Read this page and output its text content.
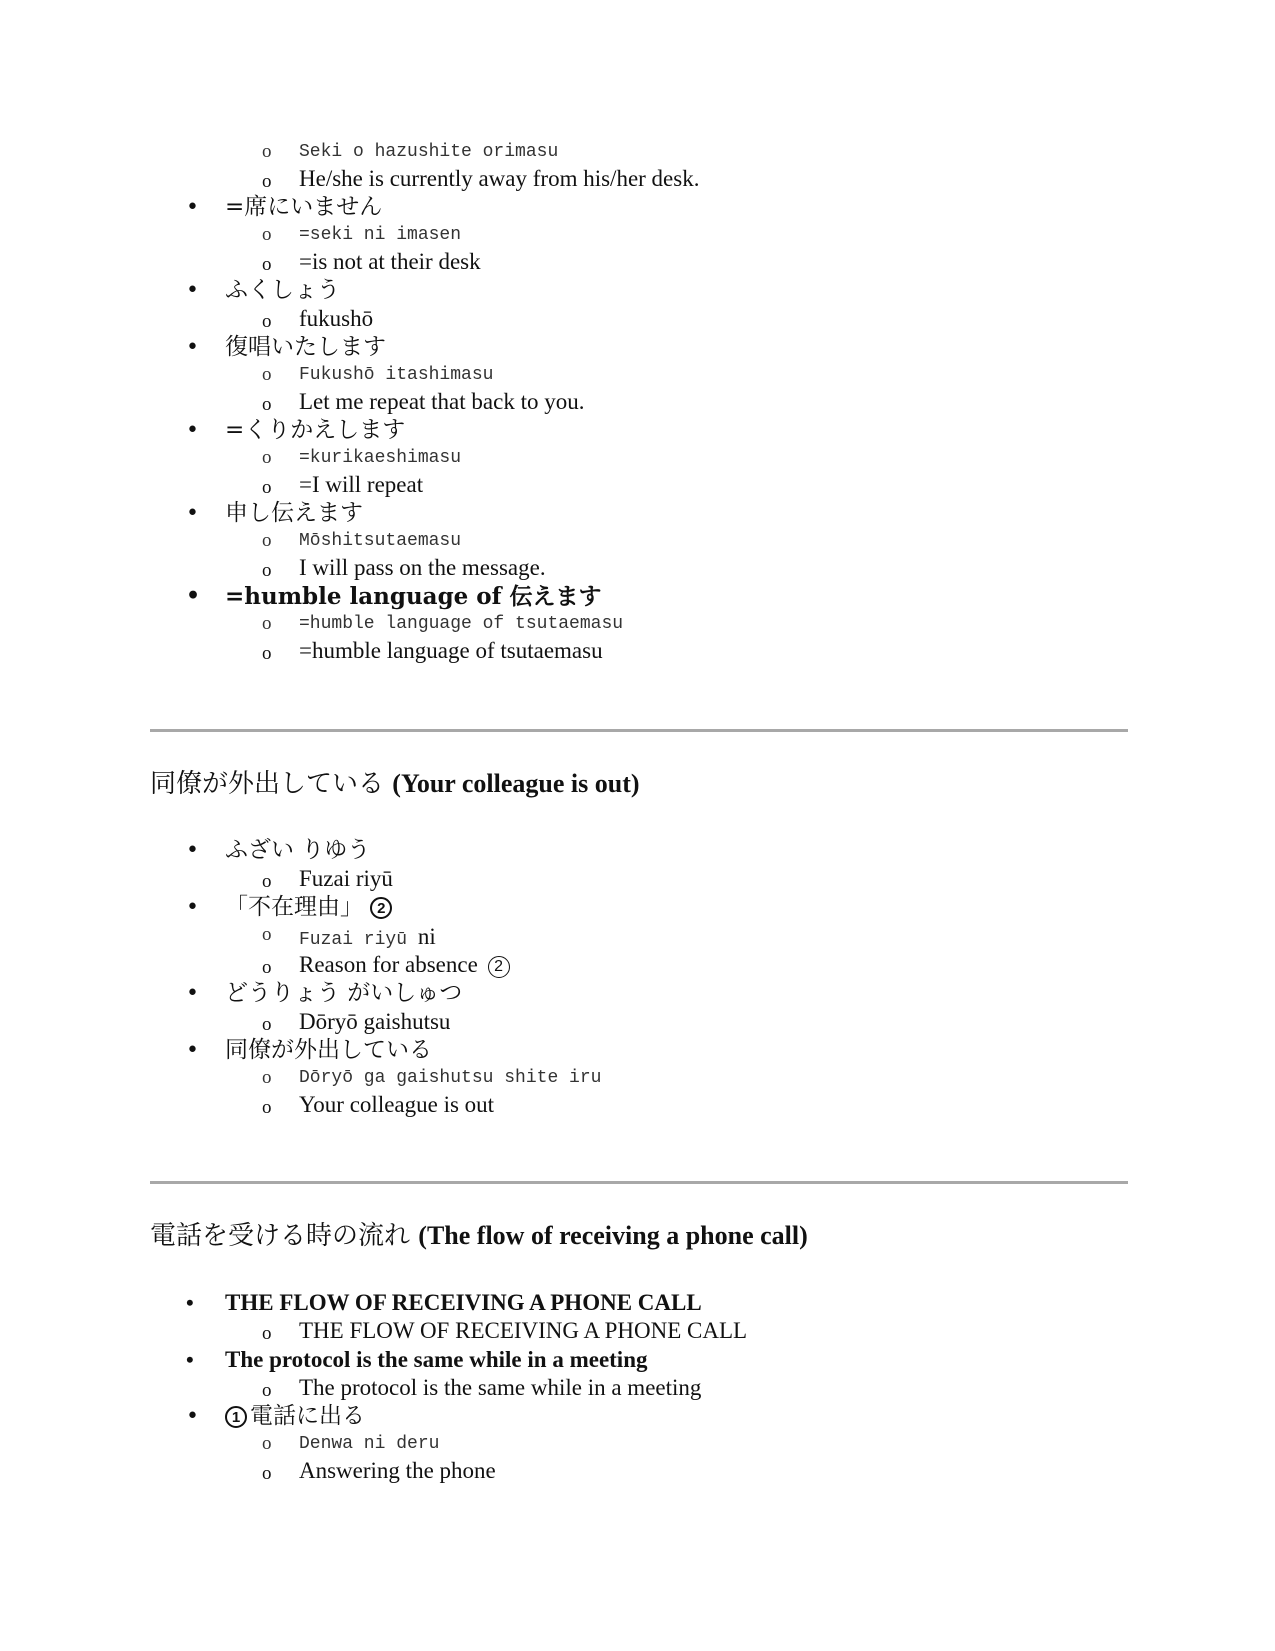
o Seki o hazushite orimasu
o He/she is currently away from his/her desk.
• =席にいません
o =seki ni imasen
o =is not at their desk
• ふくしょう
o fukushō
• 復唱いたします
o Fukushō itashimasu
o Let me repeat that back to you.
• =くりかえします
o =kurikaeshimasu
o =I will repeat
• 申し伝えます
o Mōshitsutaemasu
o I will pass on the message.
• =humble language of 伝えます
o =humble language of tsutaemasu
o =humble language of tsutaemasu
同僚が外出している (Your colleague is out)
• ふざい りゆう
o Fuzai riyū
• 「不在理由」 2
o Fuzai riyū ni
o Reason for absence 2
• どうりょう がいしゅつ
o Dōryō gaishutsu
• 同僚が外出している
o Dōryō ga gaishutsu shite iru
o Your colleague is out
電話を受ける時の流れ (The flow of receiving a phone call)
• THE FLOW OF RECEIVING A PHONE CALL
o THE FLOW OF RECEIVING A PHONE CALL
• The protocol is the same while in a meeting
o The protocol is the same while in a meeting
• 1 電話に出る
o Denwa ni deru
o Answering the phone
